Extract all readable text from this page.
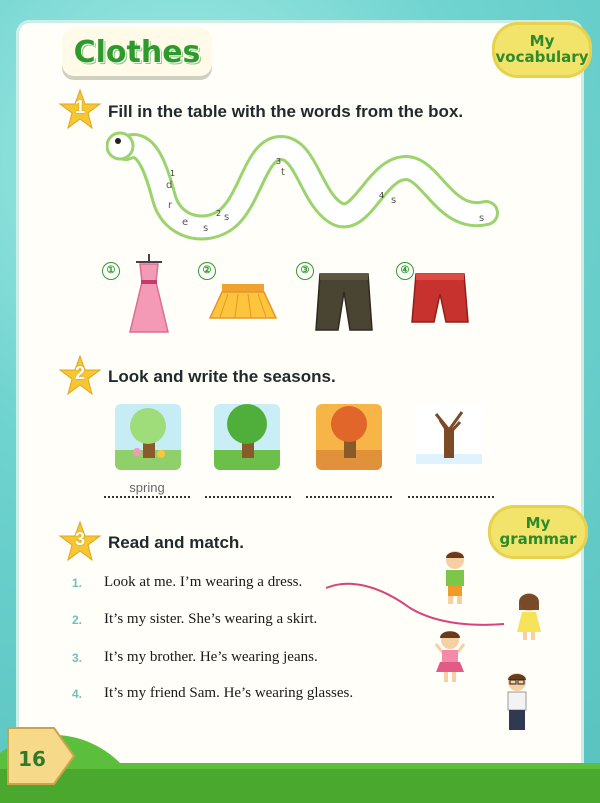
Clothes	My vocabulary
1	Fill in the table with the words from the box.
d
r
e
s
s
t
s
s
1
2
3
4
①	②	③	④
2	Look and write the seasons.
spring
My grammar
3	Read and match.
1. Look at me. I’m wearing a dress.
2. It’s my sister. She’s wearing a skirt.
3. It’s my brother. He’s wearing jeans.
4. It’s my friend Sam. He’s wearing glasses.
16
